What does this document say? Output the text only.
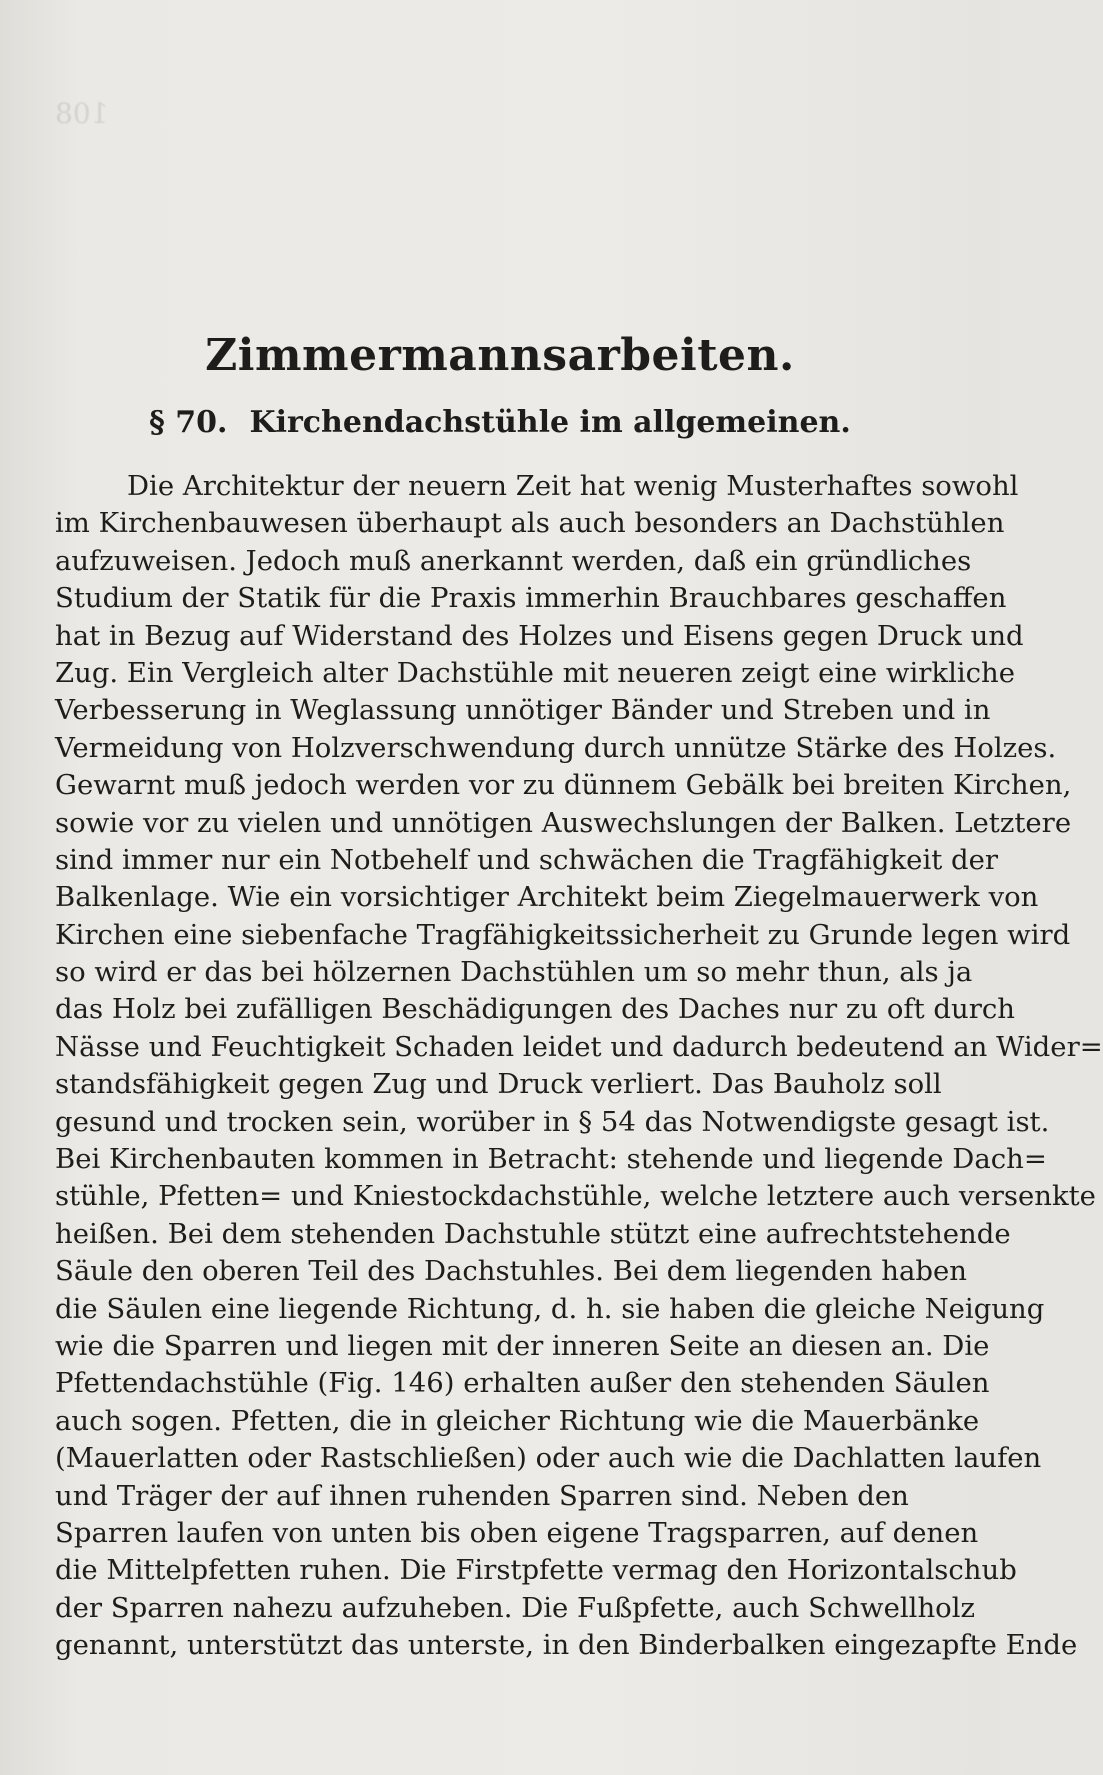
108
Zimmermannsarbeiten.
§ 70. Kirchendachstühle im allgemeinen.
Die Architektur der neuern Zeit hat wenig Musterhaftes sowohl
im Kirchenbauwesen überhaupt als auch besonders an Dachstühlen
aufzuweisen. Jedoch muß anerkannt werden, daß ein gründliches
Studium der Statik für die Praxis immerhin Brauchbares geschaffen
hat in Bezug auf Widerstand des Holzes und Eisens gegen Druck und
Zug. Ein Vergleich alter Dachstühle mit neueren zeigt eine wirkliche
Verbesserung in Weglassung unnötiger Bänder und Streben und in
Vermeidung von Holzverschwendung durch unnütze Stärke des Holzes.
Gewarnt muß jedoch werden vor zu dünnem Gebälk bei breiten Kirchen,
sowie vor zu vielen und unnötigen Auswechslungen der Balken. Letztere
sind immer nur ein Notbehelf und schwächen die Tragfähigkeit der
Balkenlage. Wie ein vorsichtiger Architekt beim Ziegelmauerwerk von
Kirchen eine siebenfache Tragfähigkeitssicherheit zu Grunde legen wird
so wird er das bei hölzernen Dachstühlen um so mehr thun, als ja
das Holz bei zufälligen Beschädigungen des Daches nur zu oft durch
Nässe und Feuchtigkeit Schaden leidet und dadurch bedeutend an Wider=
standsfähigkeit gegen Zug und Druck verliert. Das Bauholz soll
gesund und trocken sein, worüber in § 54 das Notwendigste gesagt ist.
Bei Kirchenbauten kommen in Betracht: stehende und liegende Dach=
stühle, Pfetten= und Kniestockdachstühle, welche letztere auch versenkte
heißen. Bei dem stehenden Dachstuhle stützt eine aufrechtstehende
Säule den oberen Teil des Dachstuhles. Bei dem liegenden haben
die Säulen eine liegende Richtung, d. h. sie haben die gleiche Neigung
wie die Sparren und liegen mit der inneren Seite an diesen an. Die
Pfettendachstühle (Fig. 146) erhalten außer den stehenden Säulen
auch sogen. Pfetten, die in gleicher Richtung wie die Mauerbänke
(Mauerlatten oder Rastschließen) oder auch wie die Dachlatten laufen
und Träger der auf ihnen ruhenden Sparren sind. Neben den
Sparren laufen von unten bis oben eigene Tragsparren, auf denen
die Mittelpfetten ruhen. Die Firstpfette vermag den Horizontalschub
der Sparren nahezu aufzuheben. Die Fußpfette, auch Schwellholz
genannt, unterstützt das unterste, in den Binderbalken eingezapfte Ende
